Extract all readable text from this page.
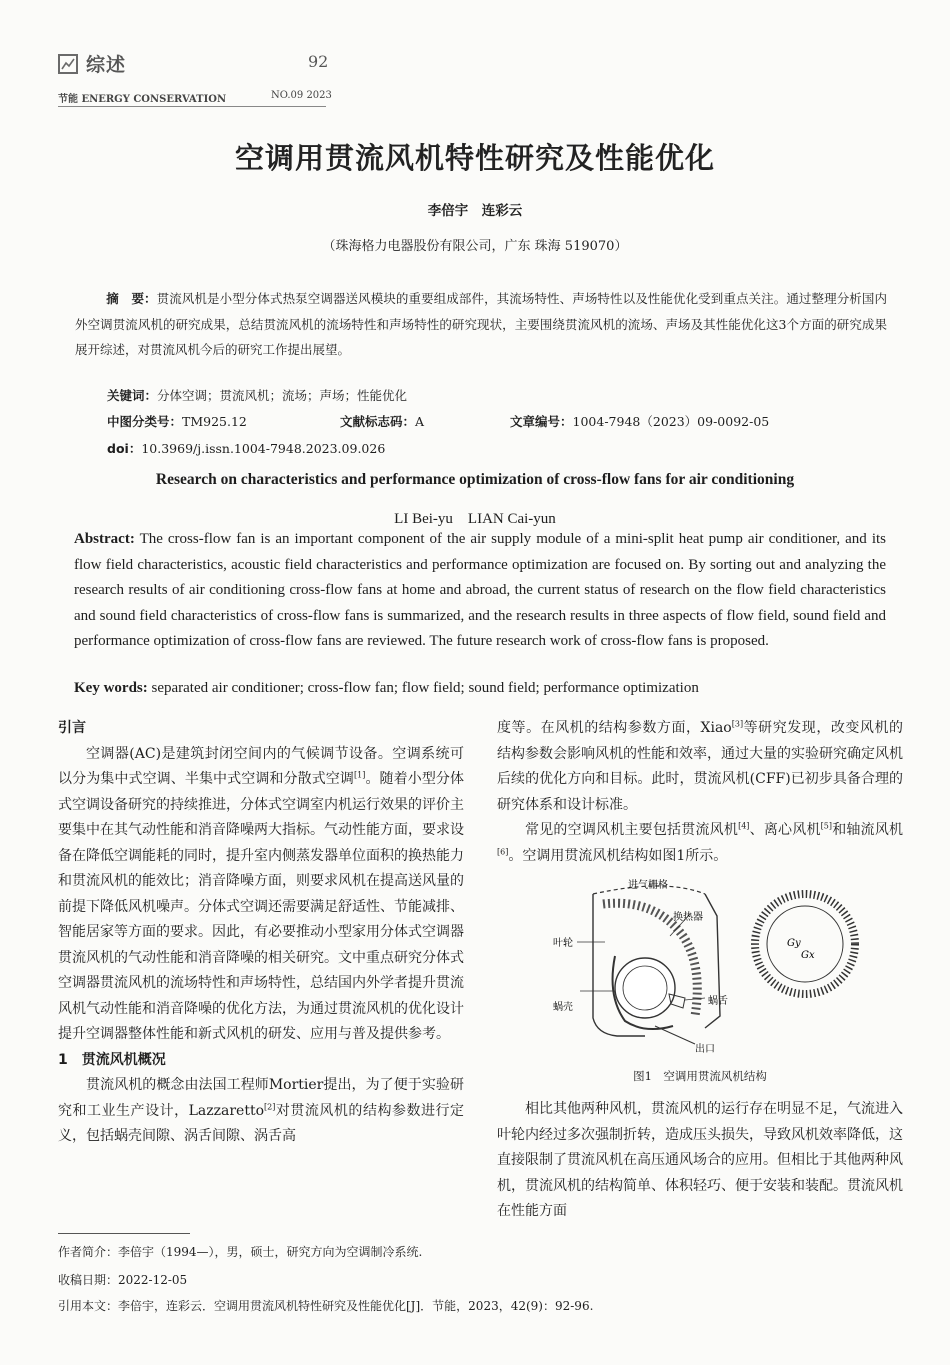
综述	92
节能 ENERGY CONSERVATION	NO.09 2023
空调用贯流风机特性研究及性能优化
李倍宇　连彩云
（珠海格力电器股份有限公司，广东 珠海 519070）
摘　要：贯流风机是小型分体式热泵空调器送风模块的重要组成部件，其流场特性、声场特性以及性能优化受到重点关注。通过整理分析国内外空调贯流风机的研究成果，总结贯流风机的流场特性和声场特性的研究现状，主要围绕贯流风机的流场、声场及其性能优化这3个方面的研究成果展开综述，对贯流风机今后的研究工作提出展望。
关键词：分体空调；贯流风机；流场；声场；性能优化
中图分类号：TM925.12	文献标志码：A	文章编号：1004-7948（2023）09-0092-05
doi：10.3969/j.issn.1004-7948.2023.09.026
Research on characteristics and performance optimization of cross-flow fans for air conditioning
LI Bei-yu　LIAN Cai-yun
Abstract: The cross-flow fan is an important component of the air supply module of a mini-split heat pump air conditioner, and its flow field characteristics, acoustic field characteristics and performance optimization are focused on. By sorting out and analyzing the research results of air conditioning cross-flow fans at home and abroad, the current status of research on the flow field characteristics and sound field characteristics of cross-flow fans is summarized, and the research results in three aspects of flow field, sound field and performance optimization of cross-flow fans are reviewed. The future research work of cross-flow fans is proposed.
Key words: separated air conditioner; cross-flow fan; flow field; sound field; performance optimization
引言

空调器(AC)是建筑封闭空间内的气候调节设备。空调系统可以分为集中式空调、半集中式空调和分散式空调[1]。随着小型分体式空调设备研究的持续推进，分体式空调室内机运行效果的评价主要集中在其气动性能和消音降噪两大指标。气动性能方面，要求设备在降低空调能耗的同时，提升室内侧蒸发器单位面积的换热能力和贯流风机的能效比；消音降噪方面，则要求风机在提高送风量的前提下降低风机噪声。分体式空调还需要满足舒适性、节能减排、智能居家等方面的要求。因此，有必要推动小型家用分体式空调器贯流风机的气动性能和消音降噪的相关研究。文中重点研究分体式空调器贯流风机的流场特性和声场特性，总结国内外学者提升贯流风机气动性能和消音降噪的优化方法，为通过贯流风机的优化设计提升空调器整体性能和新式风机的研发、应用与普及提供参考。

1　贯流风机概况

贯流风机的概念由法国工程师Mortier提出，为了便于实验研究和工业生产设计，Lazzaretto[2]对贯流风机的结构参数进行定义，包括蜗壳间隙、涡舌间隙、涡舌高

度等。在风机的结构参数方面，Xiao[3]等研究发现，改变风机的结构参数会影响风机的性能和效率，通过大量的实验研究确定风机后续的优化方向和目标。此时，贯流风机(CFF)已初步具备合理的研究体系和设计标准。

常见的空调风机主要包括贯流风机[4]、离心风机[5]和轴流风机[6]。空调用贯流风机结构如图1所示。

进气栅格
换热器
叶轮
蜗壳
蜗舌
出口
Gy
Gx
图1　空调用贯流风机结构

相比其他两种风机，贯流风机的运行存在明显不足，气流进入叶轮内经过多次强制折转，造成压头损失，导致风机效率降低，这直接限制了贯流风机在高压通风场合的应用。但相比于其他两种风机，贯流风机的结构简单、体积轻巧、便于安装和装配。贯流风机在性能方面

作者简介：李倍宇（1994—），男，硕士，研究方向为空调制冷系统.
收稿日期：2022-12-05
引用本文：李倍宇，连彩云．空调用贯流风机特性研究及性能优化[J]．节能，2023，42(9)：92-96.
